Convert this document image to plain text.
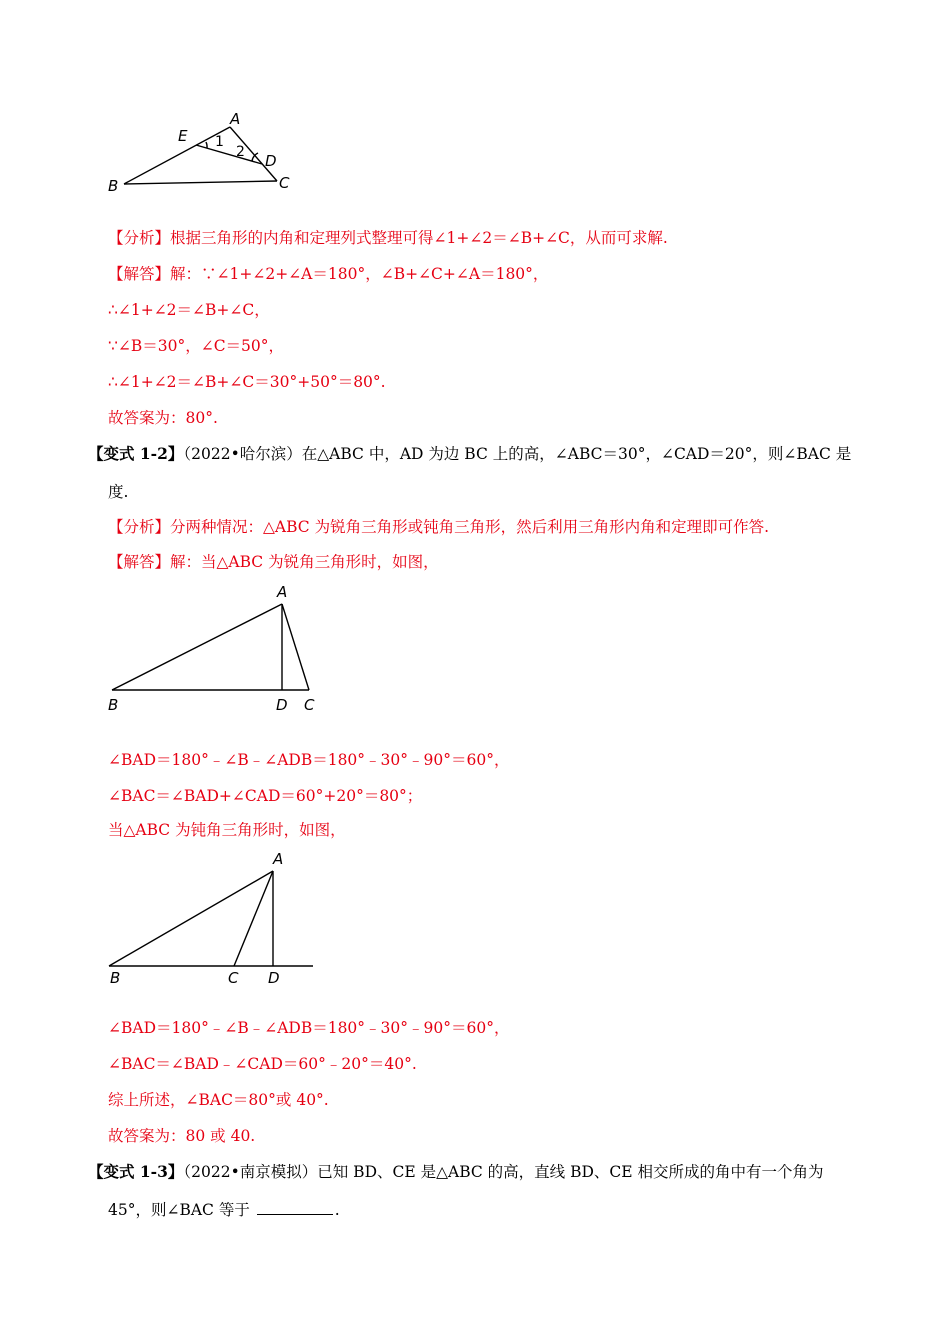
A
E 1
2 D
B	C
A
B	D C
A
B	C D
【分析】根据三角形的内角和定理列式整理可得∠1+∠2＝∠B+∠C，从而可求解.
【解答】解：∵∠1+∠2+∠A＝180°，∠B+∠C+∠A＝180°，
∴∠1+∠2＝∠B+∠C，
∵∠B＝30°，∠C＝50°，
∴∠1+∠2＝∠B+∠C＝30°+50°＝80°.
故答案为：80°.
【变式 1-2】（2022•哈尔滨）在△ABC 中，AD 为边 BC 上的高，∠ABC＝30°，∠CAD＝20°，则∠BAC 是
度.
【分析】分两种情况：△ABC 为锐角三角形或钝角三角形，然后利用三角形内角和定理即可作答.
【解答】解：当△ABC 为锐角三角形时，如图，
∠BAD＝180°﹣∠B﹣∠ADB＝180°﹣30°﹣90°＝60°，
∠BAC＝∠BAD+∠CAD＝60°+20°＝80°；
当△ABC 为钝角三角形时，如图，
∠BAD＝180°﹣∠B﹣∠ADB＝180°﹣30°﹣90°＝60°，
∠BAC＝∠BAD﹣∠CAD＝60°﹣20°＝40°.
综上所述，∠BAC＝80°或 40°.
故答案为：80 或 40.
【变式 1-3】（2022•南京模拟）已知 BD、CE 是△ABC 的高，直线 BD、CE 相交所成的角中有一个角为
45°，则∠BAC 等于	.
